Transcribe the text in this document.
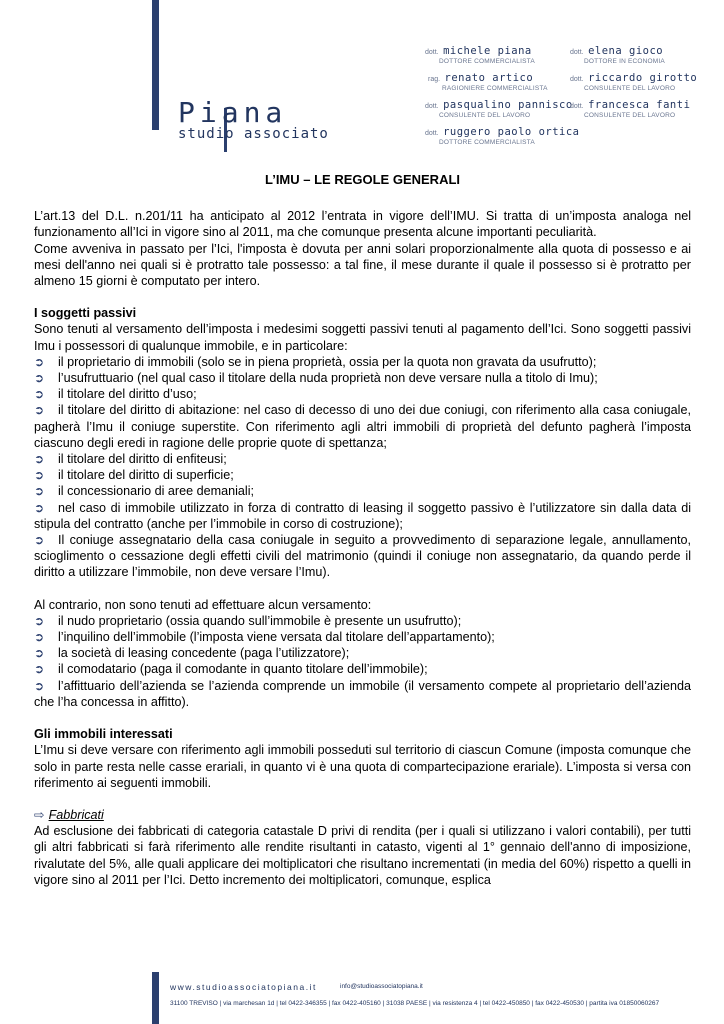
Piana
studio associato
dott. michele piana
DOTTORE COMMERCIALISTA
dott. elena gioco
DOTTORE IN ECONOMIA
rag. renato artico
RAGIONIERE COMMERCIALISTA
dott. riccardo girotto
CONSULENTE DEL LAVORO
dott. pasqualino pannisco
CONSULENTE DEL LAVORO
dott. francesca fanti
CONSULENTE DEL LAVORO
dott. ruggero paolo ortica
DOTTORE COMMERCIALISTA
L’IMU – LE REGOLE GENERALI

L’art.13 del D.L. n.201/11 ha anticipato al 2012 l’entrata in vigore dell’IMU. Si tratta di un’imposta analoga nel funzionamento all’Ici in vigore sino al 2011, ma che comunque presenta alcune importanti peculiarità.

Come avveniva in passato per l’Ici, l'imposta è dovuta per anni solari proporzionalmente alla quota di possesso e ai mesi dell'anno nei quali si è protratto tale possesso: a tal fine, il mese durante il quale il possesso si è protratto per almeno 15 giorni è computato per intero.

I soggetti passivi

Sono tenuti al versamento dell’imposta i medesimi soggetti passivi tenuti al pagamento dell’Ici. Sono soggetti passivi Imu i possessori di qualunque immobile, e in particolare:

➲ il proprietario di immobili (solo se in piena proprietà, ossia per la quota non gravata da usufrutto);
➲ l’usufruttuario (nel qual caso il titolare della nuda proprietà non deve versare nulla a titolo di Imu);
➲ il titolare del diritto d’uso;
➲ il titolare del diritto di abitazione: nel caso di decesso di uno dei due coniugi, con riferimento alla casa coniugale, pagherà l’Imu il coniuge superstite. Con riferimento agli altri immobili di proprietà del defunto pagherà l’imposta ciascuno degli eredi in ragione delle proprie quote di spettanza;
➲ il titolare del diritto di enfiteusi;
➲ il titolare del diritto di superficie;
➲ il concessionario di aree demaniali;
➲ nel caso di immobile utilizzato in forza di contratto di leasing il soggetto passivo è l’utilizzatore sin dalla data di stipula del contratto (anche per l’immobile in corso di costruzione);
➲ Il coniuge assegnatario della casa coniugale in seguito a provvedimento di separazione legale, annullamento, scioglimento o cessazione degli effetti civili del matrimonio (quindi il coniuge non assegnatario, da quando perde il diritto a utilizzare l’immobile, non deve versare l’Imu).

Al contrario, non sono tenuti ad effettuare alcun versamento:

➲ il nudo proprietario (ossia quando sull’immobile è presente un usufrutto);
➲ l’inquilino dell’immobile (l’imposta viene versata dal titolare dell’appartamento);
➲ la società di leasing concedente (paga l’utilizzatore);
➲ il comodatario (paga il comodante in quanto titolare dell’immobile);
➲ l’affittuario dell’azienda se l’azienda comprende un immobile (il versamento compete al proprietario dell’azienda che l’ha concessa in affitto).
Gli immobili interessati

L’Imu si deve versare con riferimento agli immobili posseduti sul territorio di ciascun Comune (imposta comunque che solo in parte resta nelle casse erariali, in quanto vi è una quota di compartecipazione erariale). L’imposta si versa con riferimento ai seguenti immobili.

⇨ Fabbricati

Ad esclusione dei fabbricati di categoria catastale D privi di rendita (per i quali si utilizzano i valori contabili), per tutti gli altri fabbricati si farà riferimento alle rendite risultanti in catasto, vigenti al 1° gennaio dell'anno di imposizione, rivalutate del 5%, alle quali applicare dei moltiplicatori che risultano incrementati (in media del 60%) rispetto a quelli in vigore sino al 2011 per l’Ici. Detto incremento dei moltiplicatori, comunque, esplica

www.studioassociatopiana.it	info@studioassociatopiana.it
31100 TREVISO | via marchesan 1d | tel 0422-346355 | fax 0422-405160 | 31038 PAESE | via resistenza 4 | tel 0422-450850 | fax 0422-450530 | partita iva 01850060267
